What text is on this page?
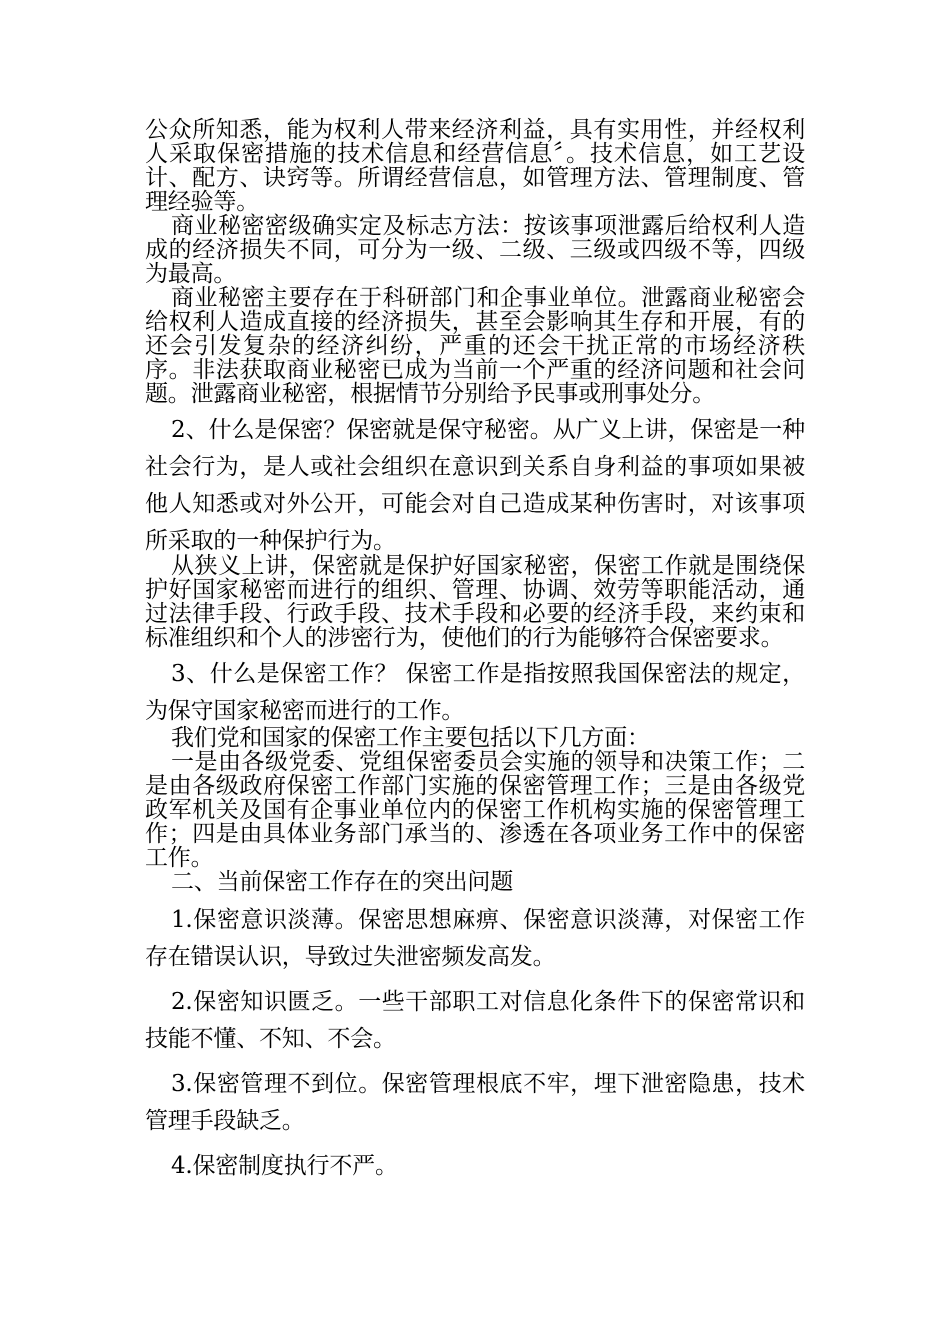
公众所知悉，能为权利人带来经济利益，具有实用性，并经权利人采取保密措施的技术信息和经营信息〞。技术信息，如工艺设计、配方、诀窍等。所谓经营信息，如管理方法、管理制度、管理经验等。

商业秘密密级确实定及标志方法：按该事项泄露后给权利人造成的经济损失不同，可分为一级、二级、三级或四级不等，四级为最高。

商业秘密主要存在于科研部门和企事业单位。泄露商业秘密会给权利人造成直接的经济损失，甚至会影响其生存和开展，有的还会引发复杂的经济纠纷，严重的还会干扰正常的市场经济秩序。非法获取商业秘密已成为当前一个严重的经济问题和社会问题。泄露商业秘密，根据情节分别给予民事或刑事处分。

2、什么是保密？保密就是保守秘密。从广义上讲，保密是一种社会行为，是人或社会组织在意识到关系自身利益的事项如果被他人知悉或对外公开，可能会对自己造成某种伤害时，对该事项所采取的一种保护行为。

从狭义上讲，保密就是保护好国家秘密，保密工作就是围绕保护好国家秘密而进行的组织、管理、协调、效劳等职能活动，通过法律手段、行政手段、技术手段和必要的经济手段，来约束和标准组织和个人的涉密行为，使他们的行为能够符合保密要求。

3、什么是保密工作？ 保密工作是指按照我国保密法的规定，为保守国家秘密而进行的工作。

我们党和国家的保密工作主要包括以下几方面：

一是由各级党委、党组保密委员会实施的领导和决策工作；二是由各级政府保密工作部门实施的保密管理工作；三是由各级党政军机关及国有企事业单位内的保密工作机构实施的保密管理工作；四是由具体业务部门承当的、渗透在各项业务工作中的保密工作。

二、当前保密工作存在的突出问题

1.保密意识淡薄。保密思想麻痹、保密意识淡薄，对保密工作存在错误认识，导致过失泄密频发高发。

2.保密知识匮乏。一些干部职工对信息化条件下的保密常识和技能不懂、不知、不会。

3.保密管理不到位。保密管理根底不牢，埋下泄密隐患，技术管理手段缺乏。

4.保密制度执行不严。
